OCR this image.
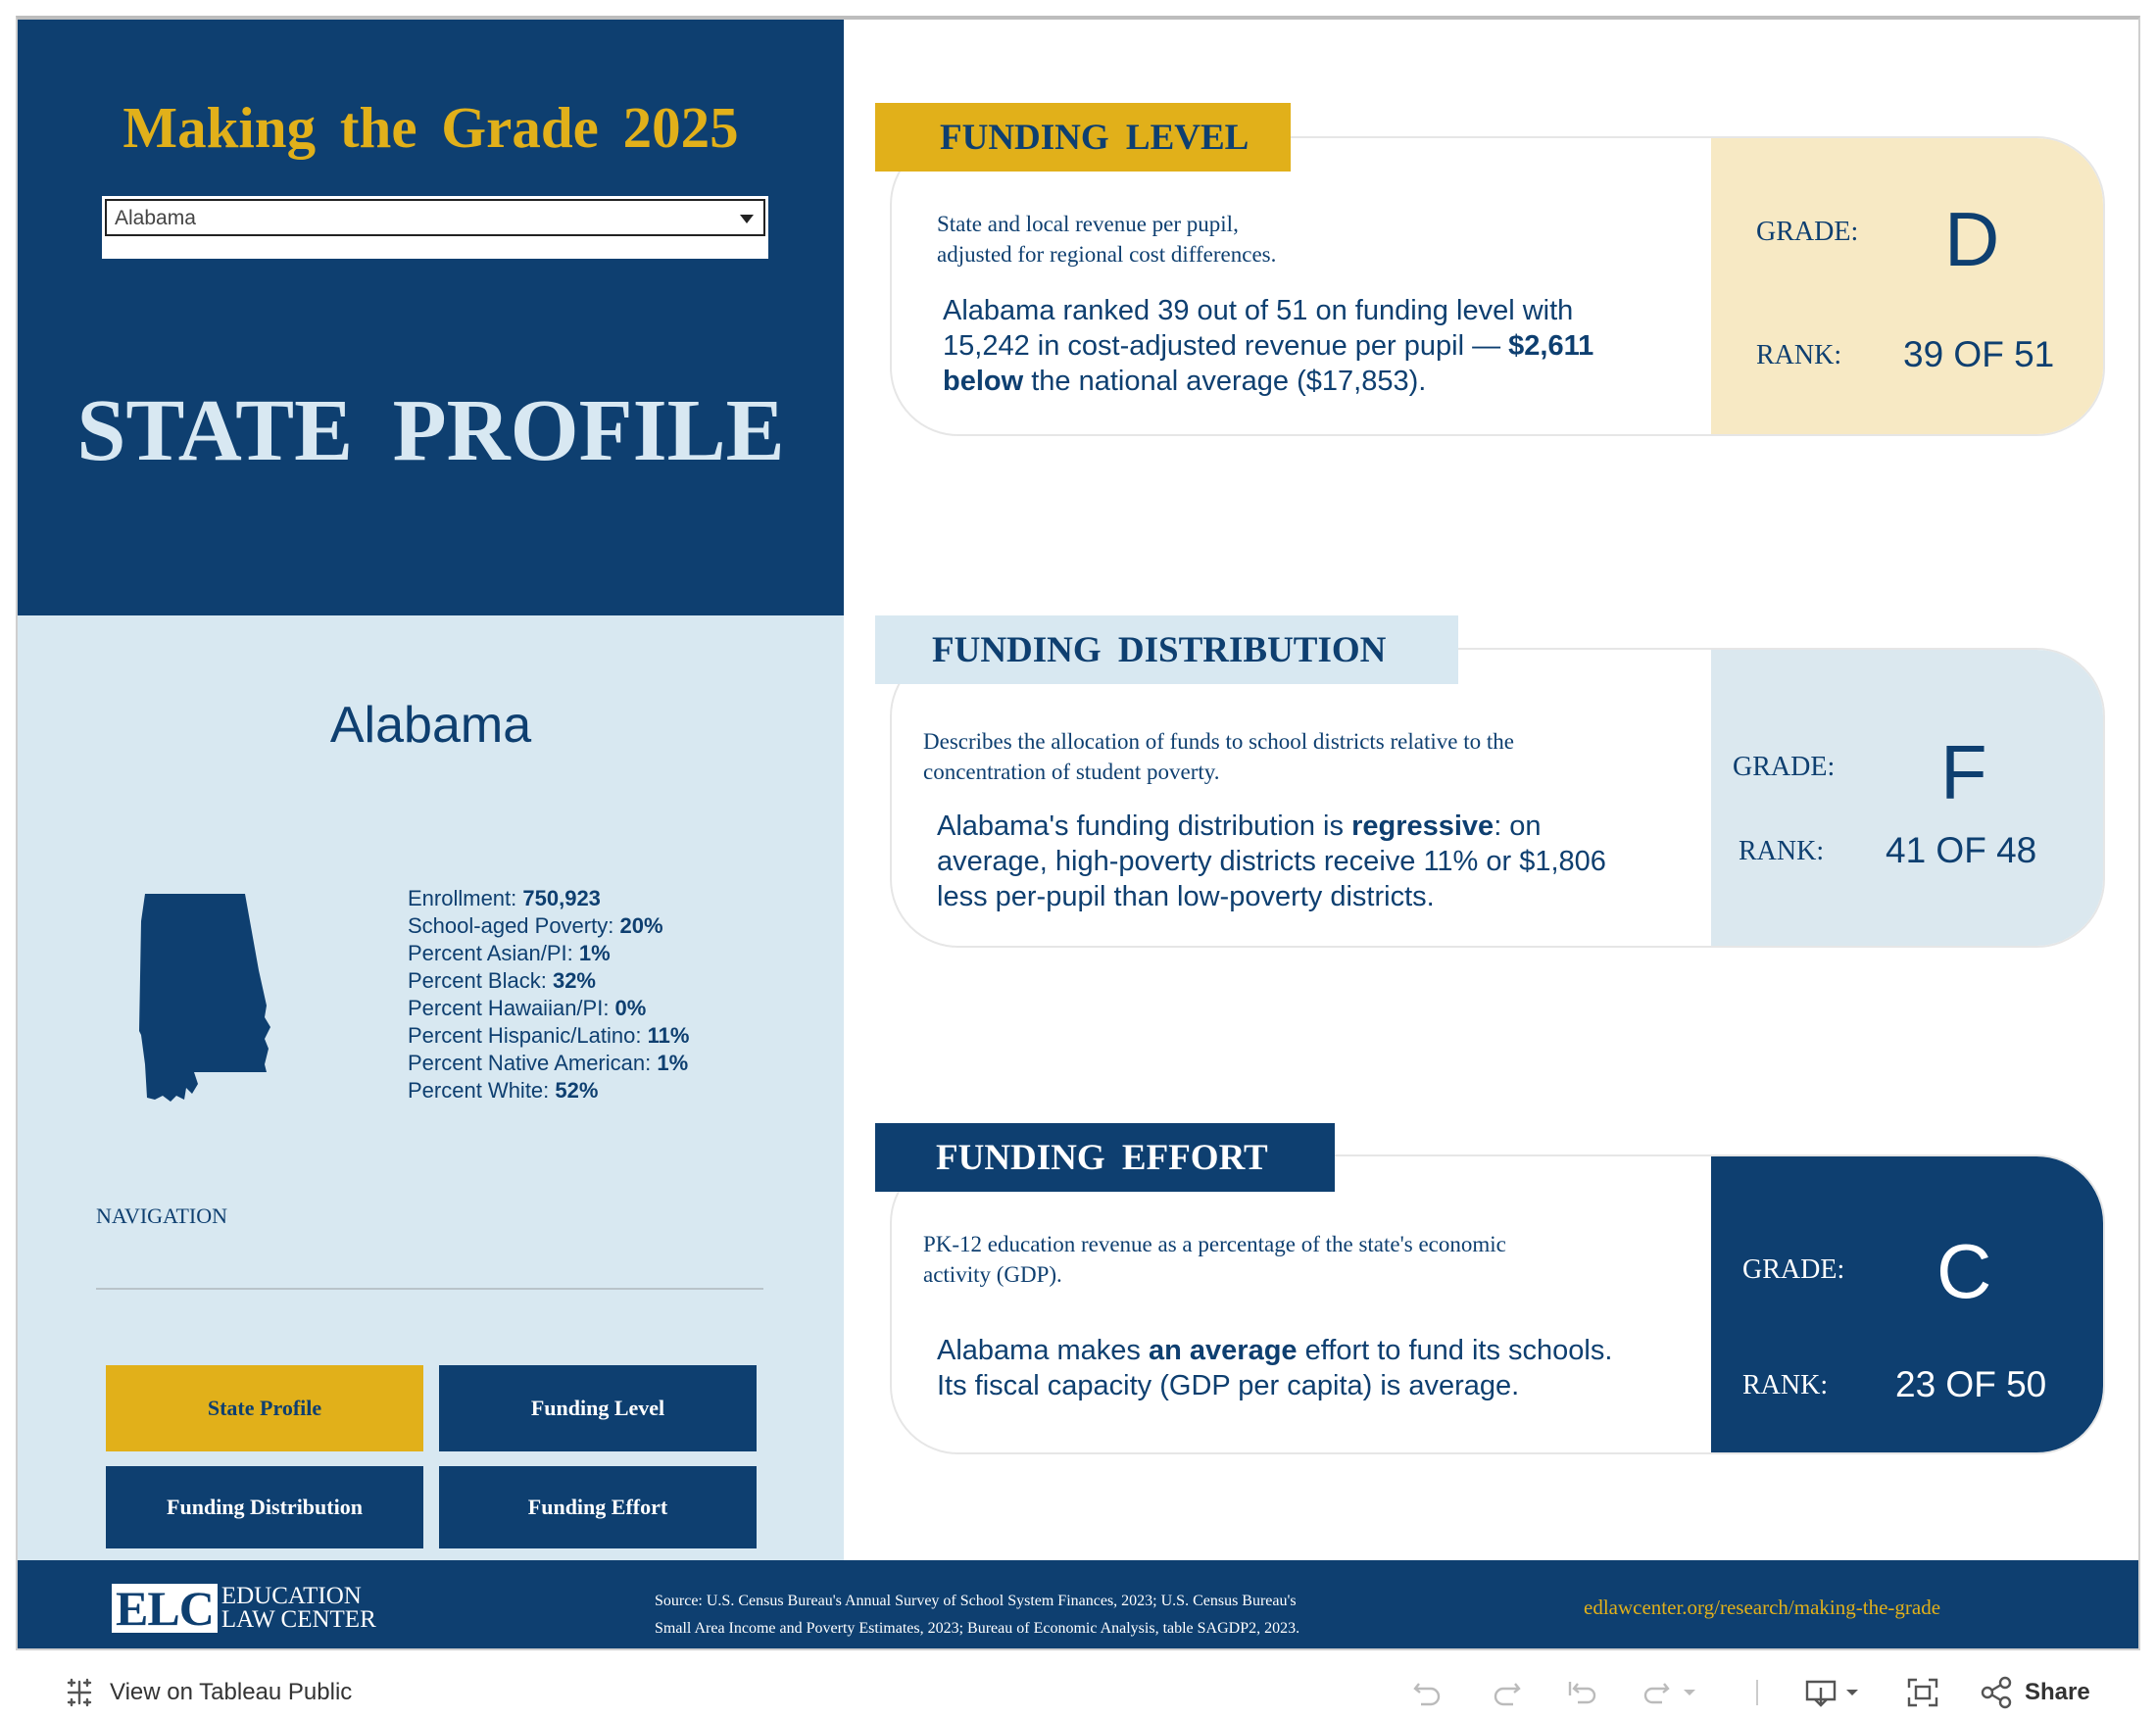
Making the Grade 2025
Alabama
STATE PROFILE
Alabama
Enrollment: 750,923
School-aged Poverty: 20%
Percent Asian/PI: 1%
Percent Black: 32%
Percent Hawaiian/PI: 0%
Percent Hispanic/Latino: 11%
Percent Native American: 1%
Percent White: 52%
NAVIGATION
State Profile	Funding Level
Funding Distribution	Funding Effort
FUNDING LEVEL
State and local revenue per pupil,
adjusted for regional cost differences.
Alabama ranked 39 out of 51 on funding level with
15,242 in cost-adjusted revenue per pupil — $2,611
below the national average ($17,853).
GRADE: D
RANK: 39 OF 51
FUNDING DISTRIBUTION
Describes the allocation of funds to school districts relative to the
concentration of student poverty.
Alabama's funding distribution is regressive: on
average, high-poverty districts receive 11% or $1,806
less per-pupil than low-poverty districts.
GRADE: F
RANK: 41 OF 48
FUNDING EFFORT
PK-12 education revenue as a percentage of the state's economic
activity (GDP).
Alabama makes an average effort to fund its schools.
Its fiscal capacity (GDP per capita) is average.
GRADE: C
RANK: 23 OF 50
ELC EDUCATION
LAW CENTER
Source: U.S. Census Bureau's Annual Survey of School System Finances, 2023; U.S. Census Bureau's
Small Area Income and Poverty Estimates, 2023; Bureau of Economic Analysis, table SAGDP2, 2023.
edlawcenter.org/research/making-the-grade
View on Tableau Public	Share
